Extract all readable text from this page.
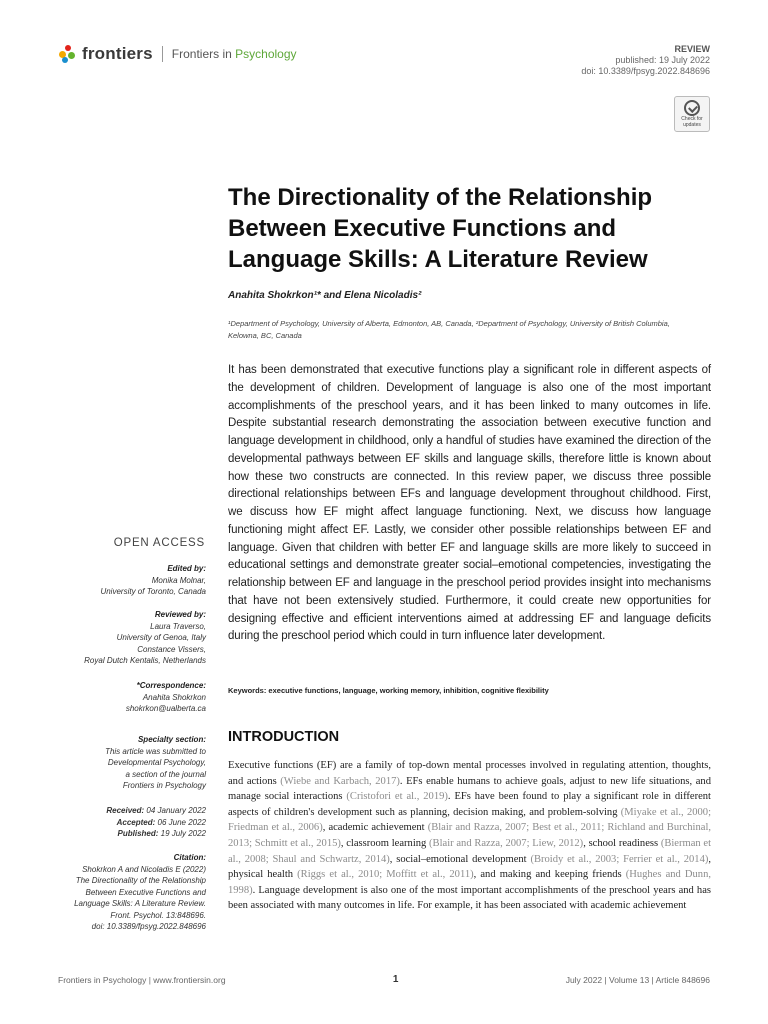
frontiers Frontiers in Psychology	REVIEW
published: 19 July 2022
doi: 10.3389/fpsyg.2022.848696
Check for updates
The Directionality of the Relationship Between Executive Functions and Language Skills: A Literature Review
Anahita Shokrkon¹* and Elena Nicoladis²
¹Department of Psychology, University of Alberta, Edmonton, AB, Canada, ²Department of Psychology, University of British Columbia, Kelowna, BC, Canada

It has been demonstrated that executive functions play a significant role in different aspects of the development of children. Development of language is also one of the most important accomplishments of the preschool years, and it has been linked to many outcomes in life. Despite substantial research demonstrating the association between executive function and language development in childhood, only a handful of studies have examined the direction of the developmental pathways between EF skills and language skills, therefore little is known about how these two constructs are connected. In this review paper, we discuss three possible directional relationships between EFs and language development throughout childhood. First, we discuss how EF might affect language functioning. Next, we discuss how language functioning might affect EF. Lastly, we consider other possible relationships between EF and language. Given that children with better EF and language skills are more likely to succeed in educational settings and demonstrate greater social–emotional competencies, investigating the relationship between EF and language in the preschool period provides insight into mechanisms that have not been extensively studied. Furthermore, it could create new opportunities for designing effective and efficient interventions aimed at addressing EF and language deficits during the preschool period which could in turn influence later development.

Keywords: executive functions, language, working memory, inhibition, cognitive flexibility
INTRODUCTION

Executive functions (EF) are a family of top-down mental processes involved in regulating attention, thoughts, and actions (Wiebe and Karbach, 2017). EFs enable humans to achieve goals, adjust to new life situations, and manage social interactions (Cristofori et al., 2019). EFs have been found to play a significant role in different aspects of children's development such as planning, decision making, and problem-solving (Miyake et al., 2000; Friedman et al., 2006), academic achievement (Blair and Razza, 2007; Best et al., 2011; Richland and Burchinal, 2013; Schmitt et al., 2015), classroom learning (Blair and Razza, 2007; Liew, 2012), school readiness (Bierman et al., 2008; Shaul and Schwartz, 2014), social–emotional development (Broidy et al., 2003; Ferrier et al., 2014), physical health (Riggs et al., 2010; Moffitt et al., 2011), and making and keeping friends (Hughes and Dunn, 1998). Language development is also one of the most important accomplishments of the preschool years and has been associated with many outcomes in life. For example, it has been associated with academic achievement

OPEN ACCESS
Edited by:
Monika Molnar,
University of Toronto, Canada
Reviewed by:
Laura Traverso,
University of Genoa, Italy
Constance Vissers,
Royal Dutch Kentalis, Netherlands
*Correspondence:
Anahita Shokrkon
shokrkon@ualberta.ca
Specialty section:
This article was submitted to
Developmental Psychology,
a section of the journal
Frontiers in Psychology
Received: 04 January 2022
Accepted: 06 June 2022
Published: 19 July 2022
Citation:
Shokrkon A and Nicoladis E (2022)
The Directionality of the Relationship
Between Executive Functions and
Language Skills: A Literature Review.
Front. Psychol. 13:848696.
doi: 10.3389/fpsyg.2022.848696
Frontiers in Psychology | www.frontiersin.org	1	July 2022 | Volume 13 | Article 848696
